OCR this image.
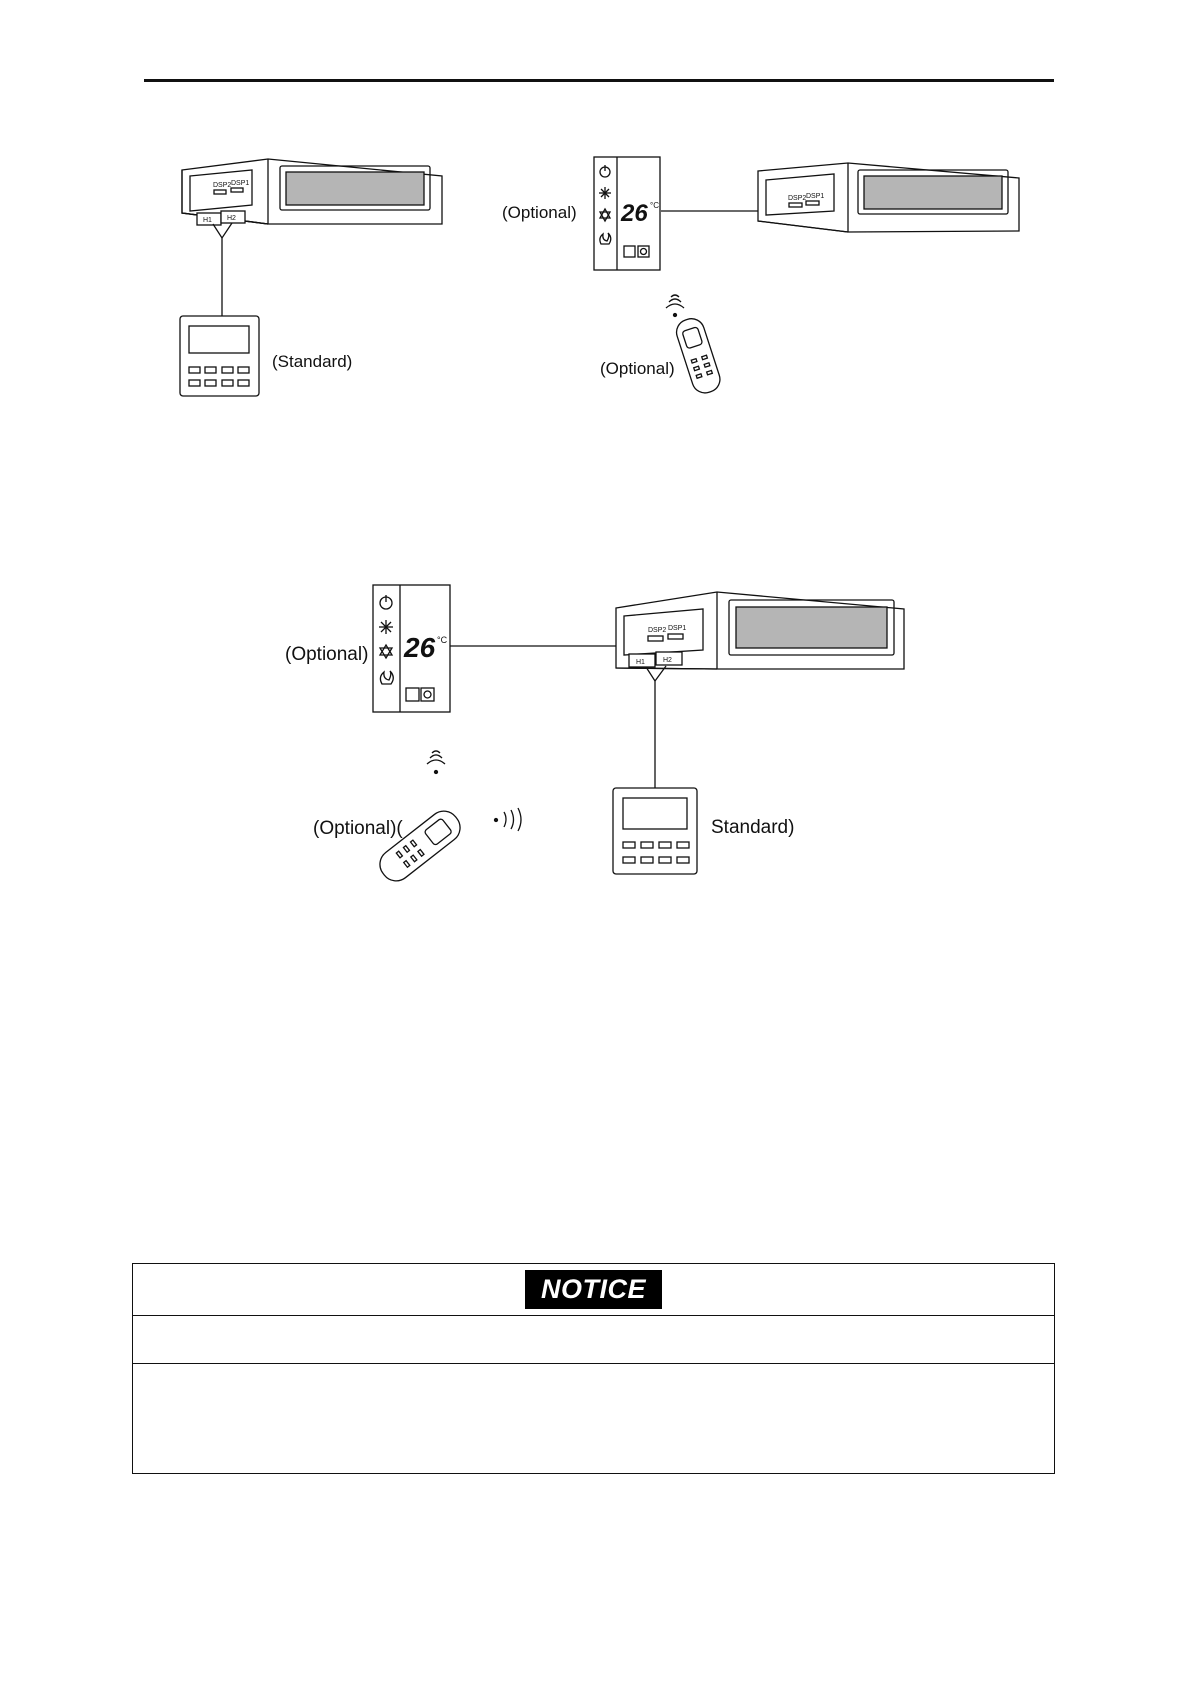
DSP2 DSP1
H1 H2
(Standard)
(Optional) 26 °C
DSP2 DSP1
(Optional)
(Optional) 26 °C
DSP2 DSP1
H1	H2
Standard)
(Optional)(
NOTICE
